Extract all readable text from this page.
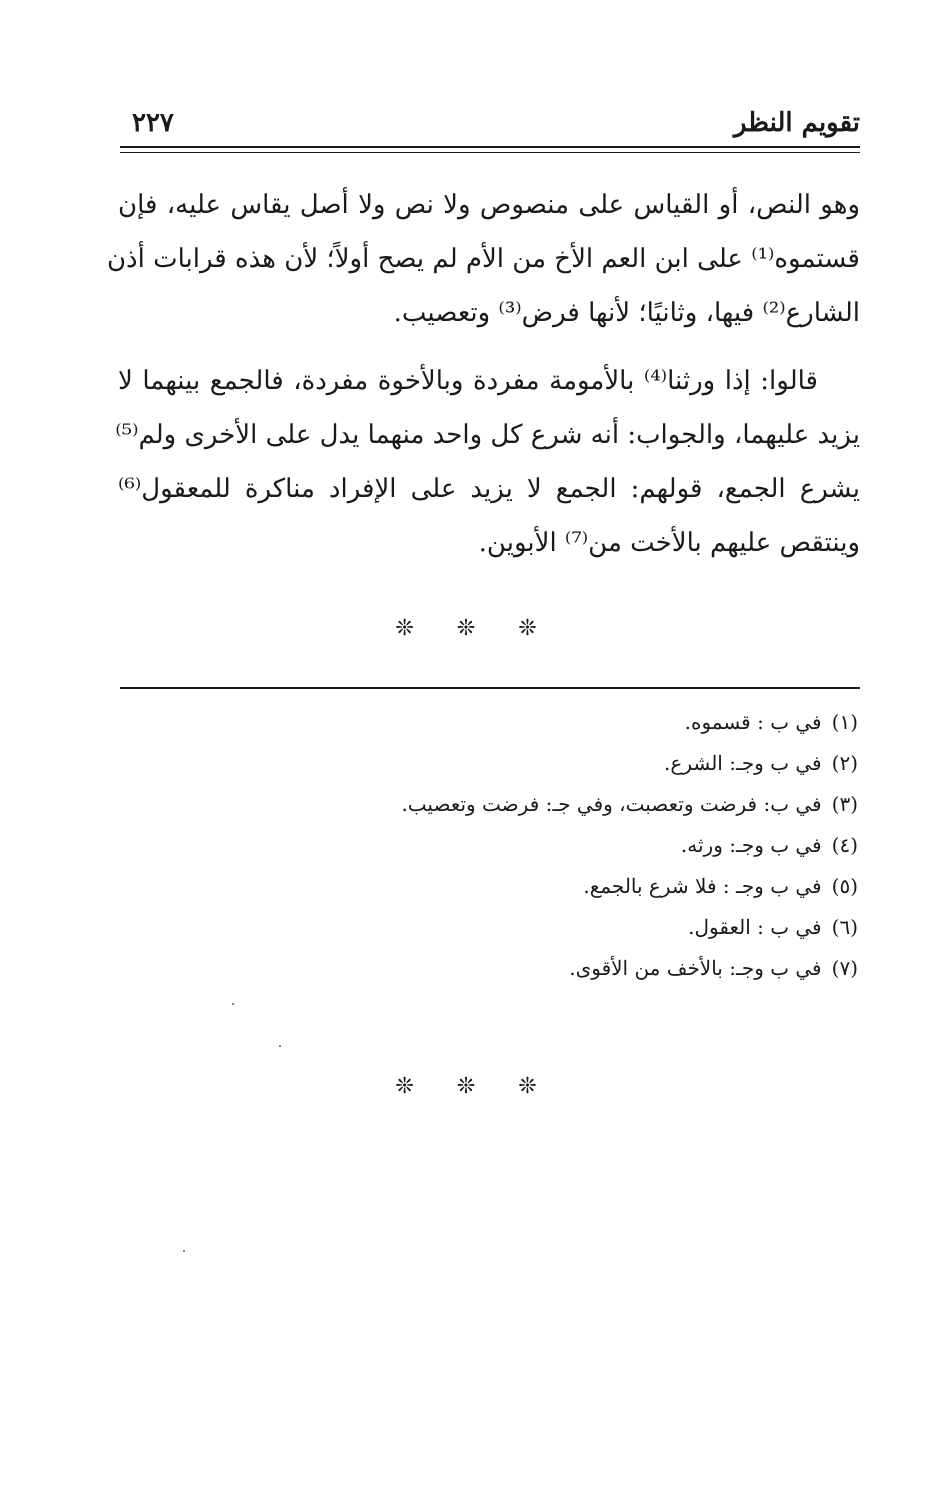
تقويم النظر
٢٢٧
وهو النص، أو القياس على منصوص ولا نص ولا أصل يقاس عليه، فإن
قستموه⁽¹⁾ على ابن العم الأخ من الأم لم يصح أولاً؛ لأن هذه قرابات أذن
الشارع⁽²⁾ فيها، وثانيًا؛ لأنها فرض⁽³⁾ وتعصيب.
قالوا: إذا ورثنا⁽⁴⁾ بالأمومة مفردة وبالأخوة مفردة، فالجمع بينهما لا
يزيد عليهما، والجواب: أنه شرع كل واحد منهما يدل على الأخرى ولم⁽⁵⁾
يشرع الجمع، قولهم: الجمع لا يزيد على الإفراد مناكرة للمعقول⁽⁶⁾
وينتقص عليهم بالأخت من⁽⁷⁾ الأبوين.
❊ ❊ ❊
(١)في ب : قسموه.
(٢)في ب وجـ: الشرع.
(٣)في ب: فرضت وتعصبت، وفي جـ: فرضت وتعصيب.
(٤)في ب وجـ: ورثه.
(٥)في ب وجـ : فلا شرع بالجمع.
(٦)في ب : العقول.
(٧)في ب وجـ: بالأخف من الأقوى.
❊ ❊ ❊
